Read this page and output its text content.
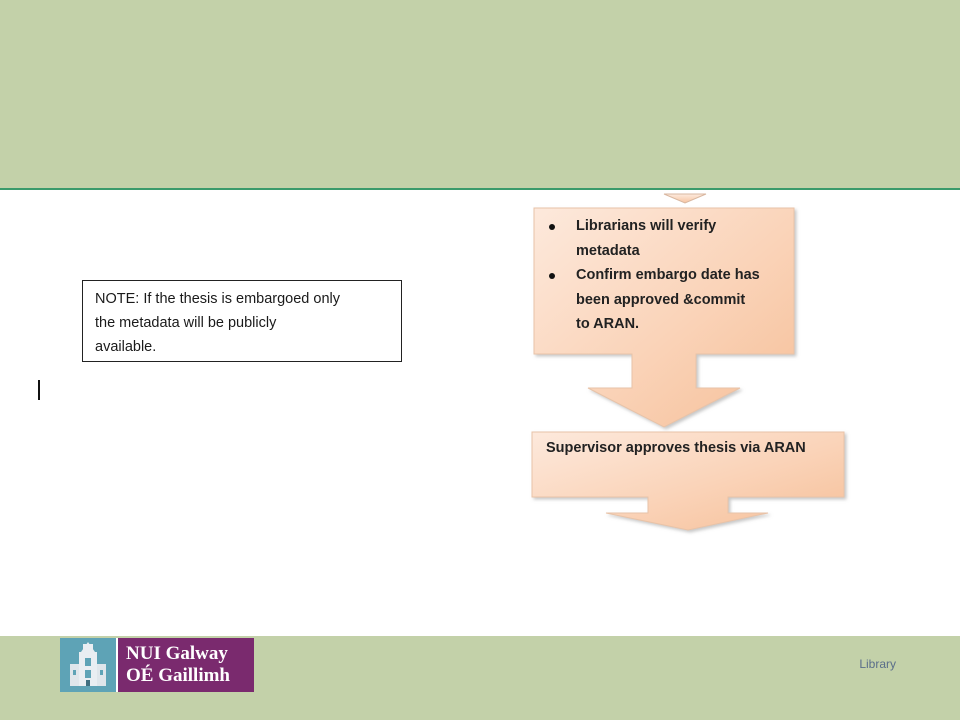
Librarians will verify
metadata
Confirm embargo date has
been approved &commit
to ARAN.
Supervisor approves thesis via ARAN
NOTE: If the thesis is embargoed only
the metadata will be publicly
available.
NUI Galway
OÉ Gaillimh
Library
